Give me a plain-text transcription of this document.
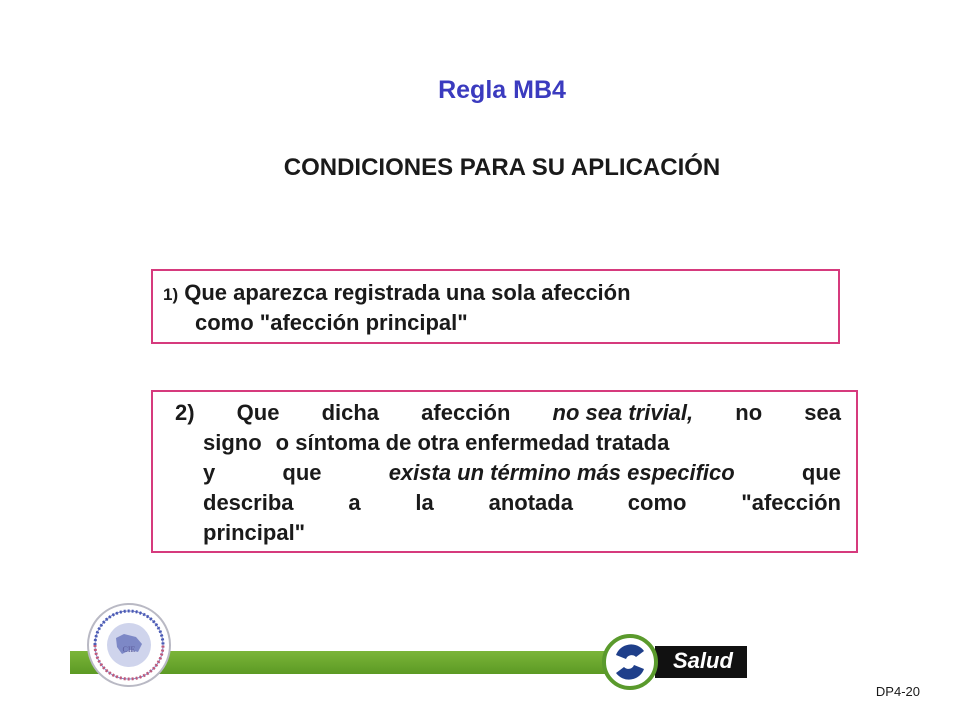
Regla MB4
CONDICIONES PARA SU APLICACIÓN
1) Que aparezca registrada una sola afección
como "afección principal"
2) Que dicha afección no sea trivial, no sea
signo o síntoma de otra enfermedad tratada
y	que	exista un término más especifico	que
describa a la anotada como "afección
principal"
CIE	Salud
DP4-20
